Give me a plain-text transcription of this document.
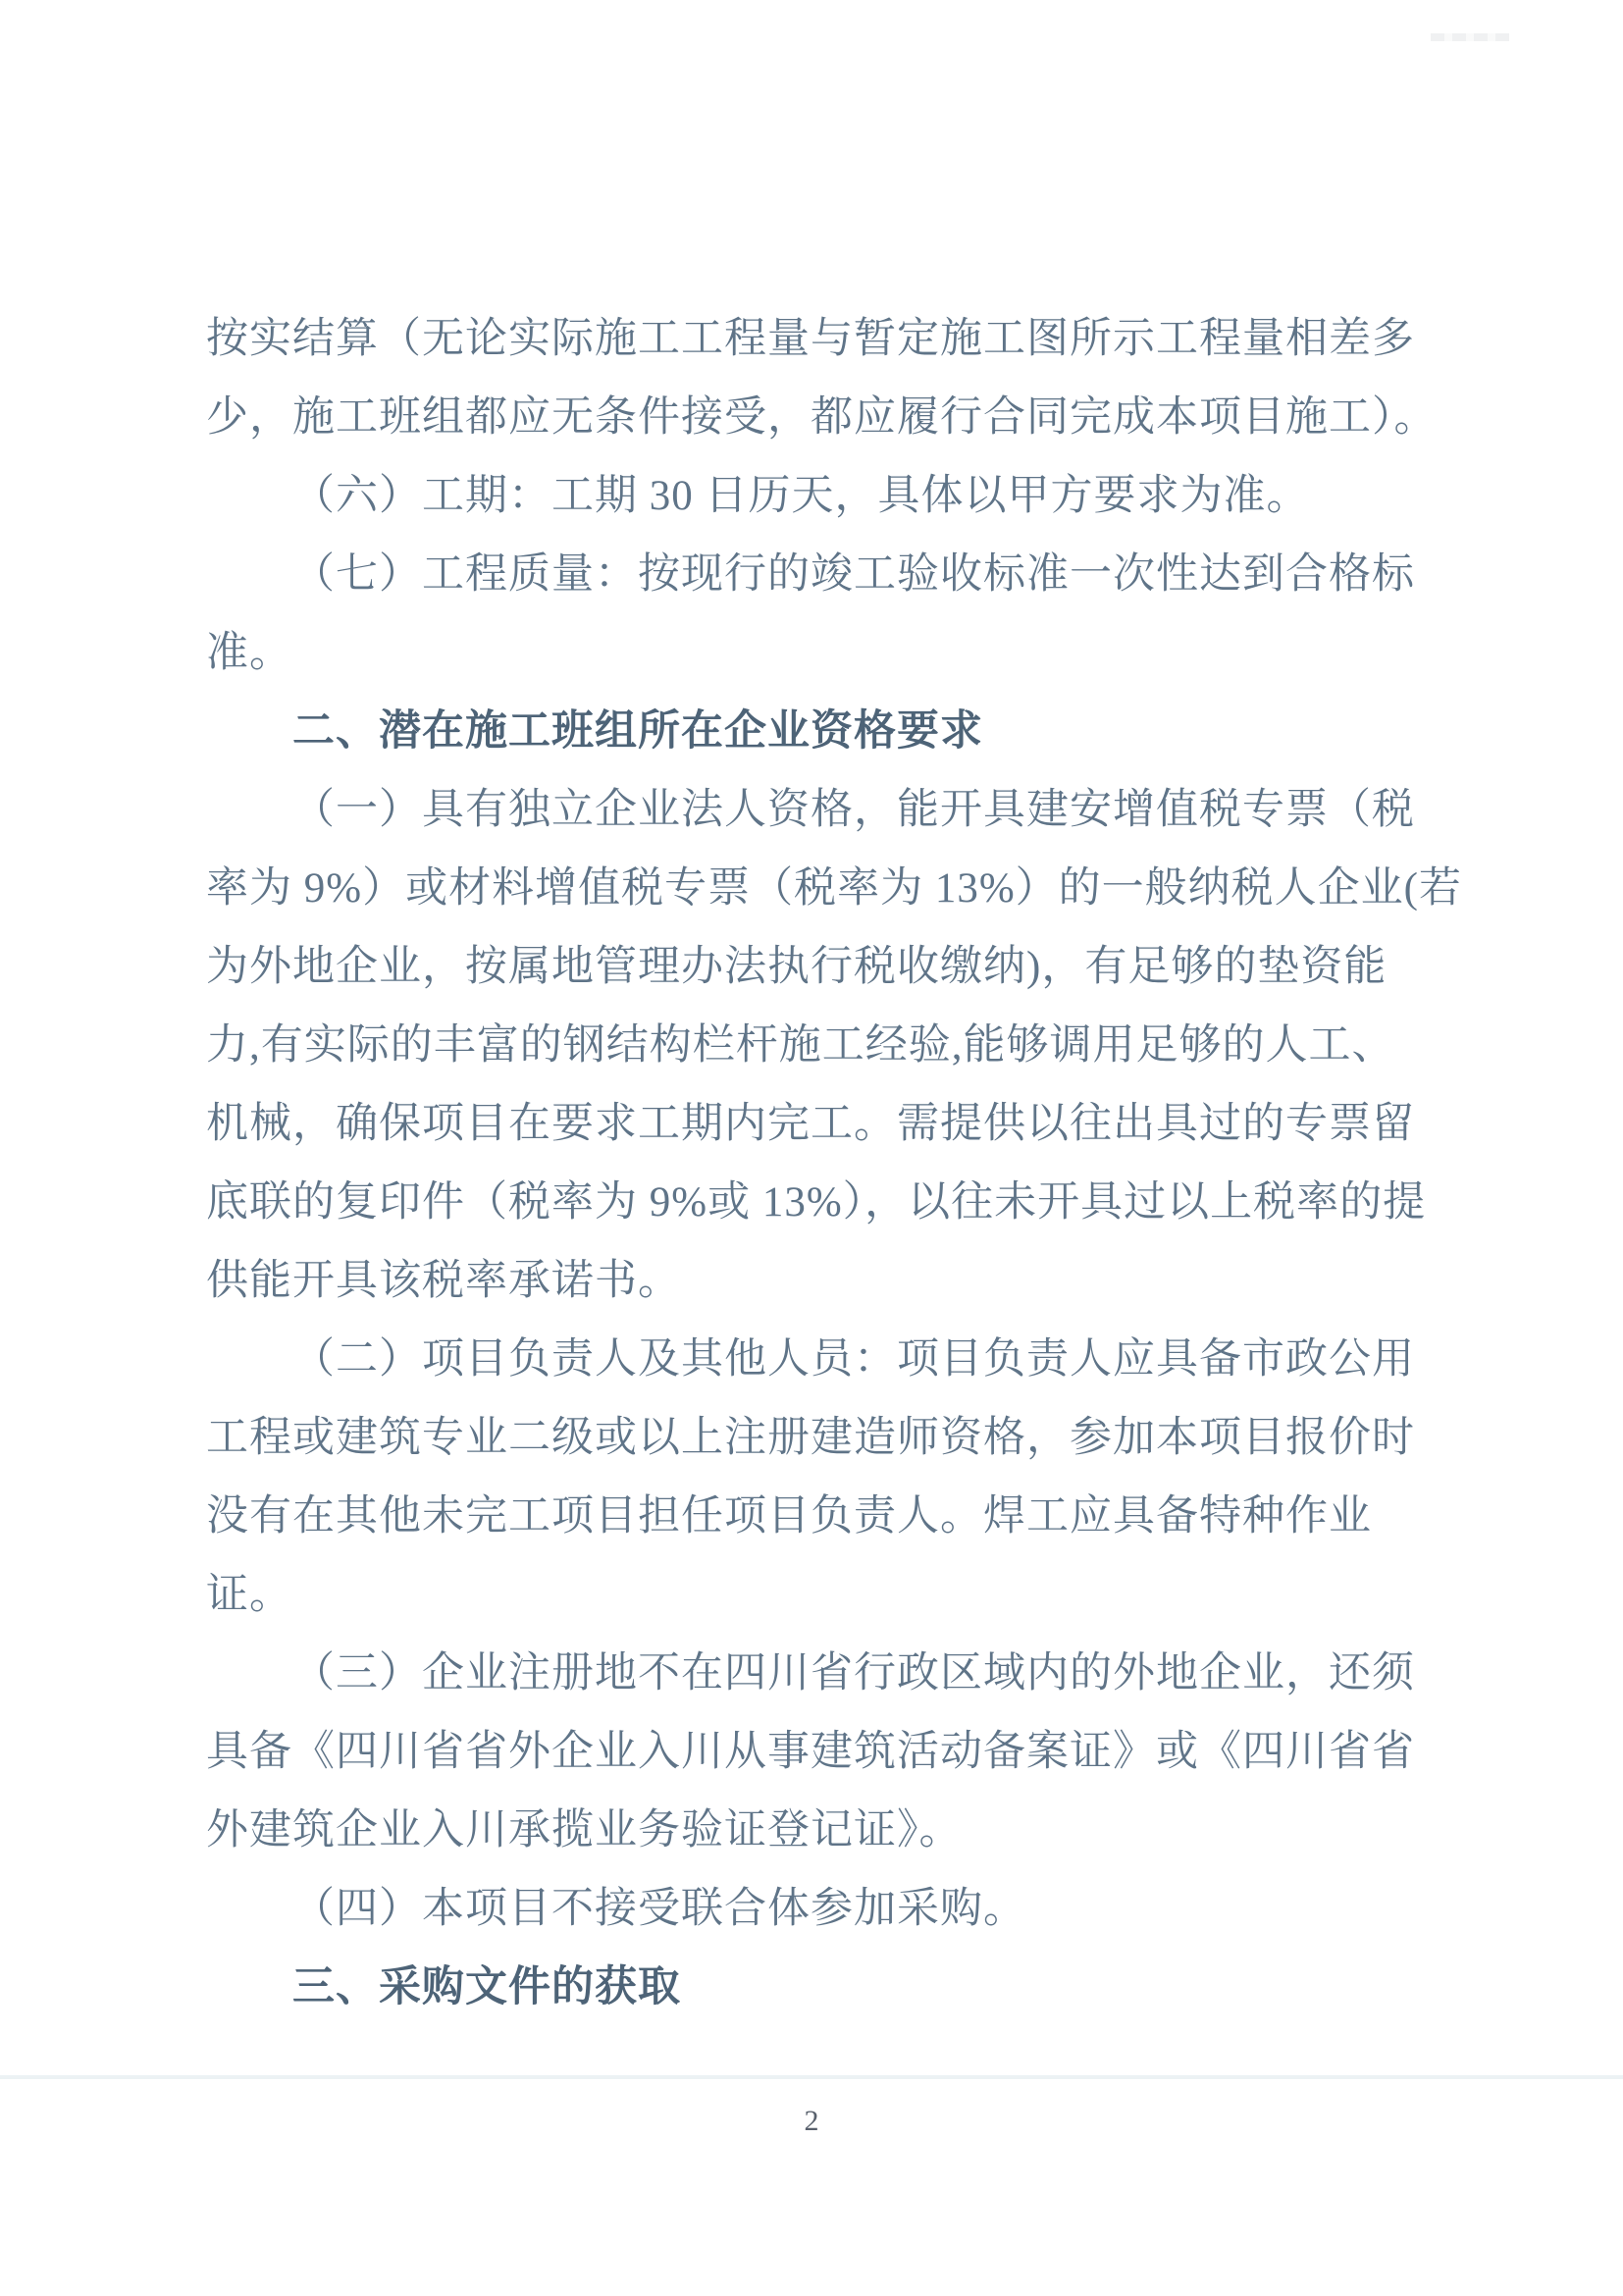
按实结算（无论实际施工工程量与暂定施工图所示工程量相差多
少，施工班组都应无条件接受，都应履行合同完成本项目施工）。

（六）工期：工期 30 日历天，具体以甲方要求为准。

（七）工程质量：按现行的竣工验收标准一次性达到合格标
准。

二、潜在施工班组所在企业资格要求

（一）具有独立企业法人资格，能开具建安增值税专票（税
率为 9%）或材料增值税专票（税率为 13%）的一般纳税人企业(若
为外地企业，按属地管理办法执行税收缴纳)，有足够的垫资能
力,有实际的丰富的钢结构栏杆施工经验,能够调用足够的人工、
机械，确保项目在要求工期内完工。需提供以往出具过的专票留
底联的复印件（税率为 9%或 13%），以往未开具过以上税率的提
供能开具该税率承诺书。

（二）项目负责人及其他人员：项目负责人应具备市政公用
工程或建筑专业二级或以上注册建造师资格，参加本项目报价时
没有在其他未完工项目担任项目负责人。焊工应具备特种作业
证。

（三）企业注册地不在四川省行政区域内的外地企业，还须
具备《四川省省外企业入川从事建筑活动备案证》或《四川省省
外建筑企业入川承揽业务验证登记证》。

（四）本项目不接受联合体参加采购。

三、采购文件的获取

2
